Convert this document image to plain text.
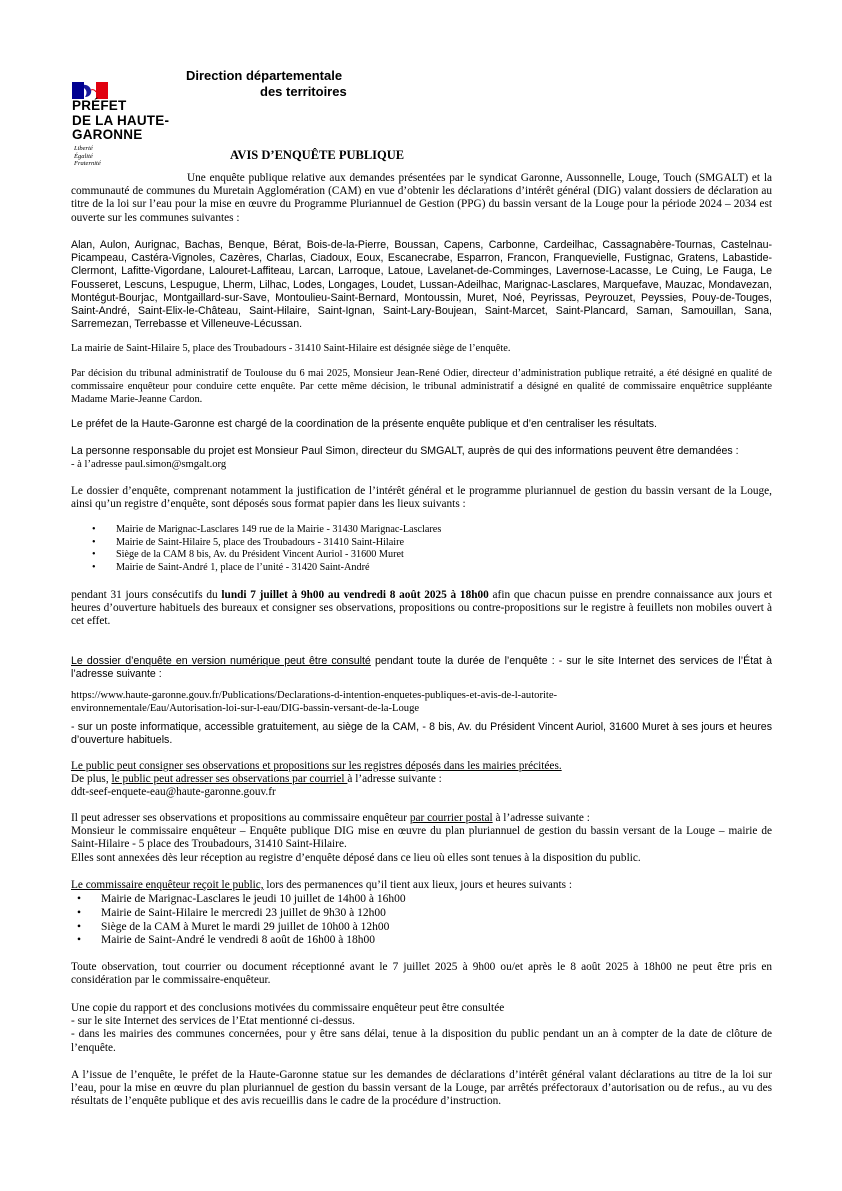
PRÉFET
DE LA HAUTE-
GARONNE
Liberté
Égalité
Fraternité
Direction départementale
des territoires
AVIS D’ENQUÊTE PUBLIQUE
Une enquête publique relative aux demandes présentées par le syndicat Garonne, Aussonnelle, Louge, Touch (SMGALT) et la communauté de communes du Muretain Agglomération (CAM) en vue d’obtenir les déclarations d’intérêt général (DIG) valant dossiers de déclaration au titre de la loi sur l’eau pour la mise en œuvre du Programme Pluriannuel de Gestion (PPG) du bassin versant de la Louge pour la période 2024 – 2034 est ouverte sur les communes suivantes :
Alan, Aulon, Aurignac, Bachas, Benque, Bérat, Bois-de-la-Pierre, Boussan, Capens, Carbonne, Cardeilhac, Cassagnabère-Tournas, Castelnau-Picampeau, Castéra-Vignoles, Cazères, Charlas, Ciadoux, Eoux, Escanecrabe, Esparron, Francon, Franquevielle, Fustignac, Gratens, Labastide-Clermont, Lafitte-Vigordane, Lalouret-Laffiteau, Larcan, Larroque, Latoue, Lavelanet-de-Comminges, Lavernose-Lacasse, Le Cuing, Le Fauga, Le Fousseret, Lescuns, Lespugue, Lherm, Lilhac, Lodes, Longages, Loudet, Lussan-Adeilhac, Marignac-Lasclares, Marquefave, Mauzac, Mondavezan, Montégut-Bourjac, Montgaillard-sur-Save, Montoulieu-Saint-Bernard, Montoussin, Muret, Noé, Peyrissas, Peyrouzet, Peyssies, Pouy-de-Touges, Saint-André, Saint-Elix-le-Château, Saint-Hilaire, Saint-Ignan, Saint-Lary-Boujean, Saint-Marcet, Saint-Plancard, Saman, Samouillan, Sana, Sarremezan, Terrebasse et Villeneuve-Lécussan.
La mairie de Saint-Hilaire 5, place des Troubadours - 31410 Saint-Hilaire est désignée siège de l’enquête.
Par décision du tribunal administratif de Toulouse du 6 mai 2025, Monsieur Jean-René Odier, directeur d’administration publique retraité, a été désigné en qualité de commissaire enquêteur pour conduire cette enquête. Par cette même décision, le tribunal administratif a désigné en qualité de commissaire enquêtrice suppléante Madame Marie-Jeanne Cardon.
Le préfet de la Haute-Garonne est chargé de la coordination de la présente enquête publique et d’en centraliser les résultats.
La personne responsable du projet est Monsieur Paul Simon, directeur du SMGALT, auprès de qui des informations peuvent être demandées :
- à l’adresse paul.simon@smgalt.org
Le dossier d’enquête, comprenant notamment la justification de l’intérêt général et le programme pluriannuel de gestion du bassin versant de la Louge, ainsi qu’un registre d’enquête, sont déposés sous format papier dans les lieux suivants :
• Mairie de Marignac-Lasclares 149 rue de la Mairie - 31430 Marignac-Lasclares
• Mairie de Saint-Hilaire 5, place des Troubadours - 31410 Saint-Hilaire
• Siège de la CAM 8 bis, Av. du Président Vincent Auriol - 31600 Muret
• Mairie de Saint-André 1, place de l’unité - 31420 Saint-André
pendant 31 jours consécutifs du lundi 7 juillet à 9h00 au vendredi 8 août 2025 à 18h00 afin que chacun puisse en prendre connaissance aux jours et heures d’ouverture habituels des bureaux et consigner ses observations, propositions ou contre-propositions sur le registre à feuillets non mobiles ouvert à cet effet.
Le dossier d’enquête en version numérique peut être consulté pendant toute la durée de l’enquête : - sur le site Internet des services de l’État à l’adresse suivante :
https://www.haute-garonne.gouv.fr/Publications/Declarations-d-intention-enquetes-publiques-et-avis-de-l-autorite-
environnementale/Eau/Autorisation-loi-sur-l-eau/DIG-bassin-versant-de-la-Louge
- sur un poste informatique, accessible gratuitement, au siège de la CAM, - 8 bis, Av. du Président Vincent Auriol, 31600 Muret à ses jours et heures d’ouverture habituels.
Le public peut consigner ses observations et propositions sur les registres déposés dans les mairies précitées.
De plus, le public peut adresser ses observations par courriel à l’adresse suivante :
ddt-seef-enquete-eau@haute-garonne.gouv.fr
Il peut adresser ses observations et propositions au commissaire enquêteur par courrier postal à l’adresse suivante :
Monsieur le commissaire enquêteur – Enquête publique DIG mise en œuvre du plan pluriannuel de gestion du bassin versant de la Louge – mairie de Saint-Hilaire - 5 place des Troubadours, 31410 Saint-Hilaire.
Elles sont annexées dès leur réception au registre d’enquête déposé dans ce lieu où elles sont tenues à la disposition du public.
Le commissaire enquêteur reçoit le public, lors des permanences qu’il tient aux lieux, jours et heures suivants :
• Mairie de Marignac-Lasclares le jeudi 10 juillet de 14h00 à 16h00
• Mairie de Saint-Hilaire le mercredi 23 juillet de 9h30 à 12h00
• Siège de la CAM à Muret le mardi 29 juillet de 10h00 à 12h00
• Mairie de Saint-André le vendredi 8 août de 16h00 à 18h00
Toute observation, tout courrier ou document réceptionné avant le 7 juillet 2025 à 9h00 ou/et après le 8 août 2025 à 18h00 ne peut être pris en considération par le commissaire-enquêteur.
Une copie du rapport et des conclusions motivées du commissaire enquêteur peut être consultée
- sur le site Internet des services de l’Etat mentionné ci-dessus.
- dans les mairies des communes concernées, pour y être sans délai, tenue à la disposition du public pendant un an à compter de la date de clôture de l’enquête.
A l’issue de l’enquête, le préfet de la Haute-Garonne statue sur les demandes de déclarations d’intérêt général valant déclarations au titre de la loi sur l’eau, pour la mise en œuvre du plan pluriannuel de gestion du bassin versant de la Louge, par arrêtés préfectoraux d’autorisation ou de refus., au vu des résultats de l’enquête publique et des avis recueillis dans le cadre de la procédure d’instruction.
